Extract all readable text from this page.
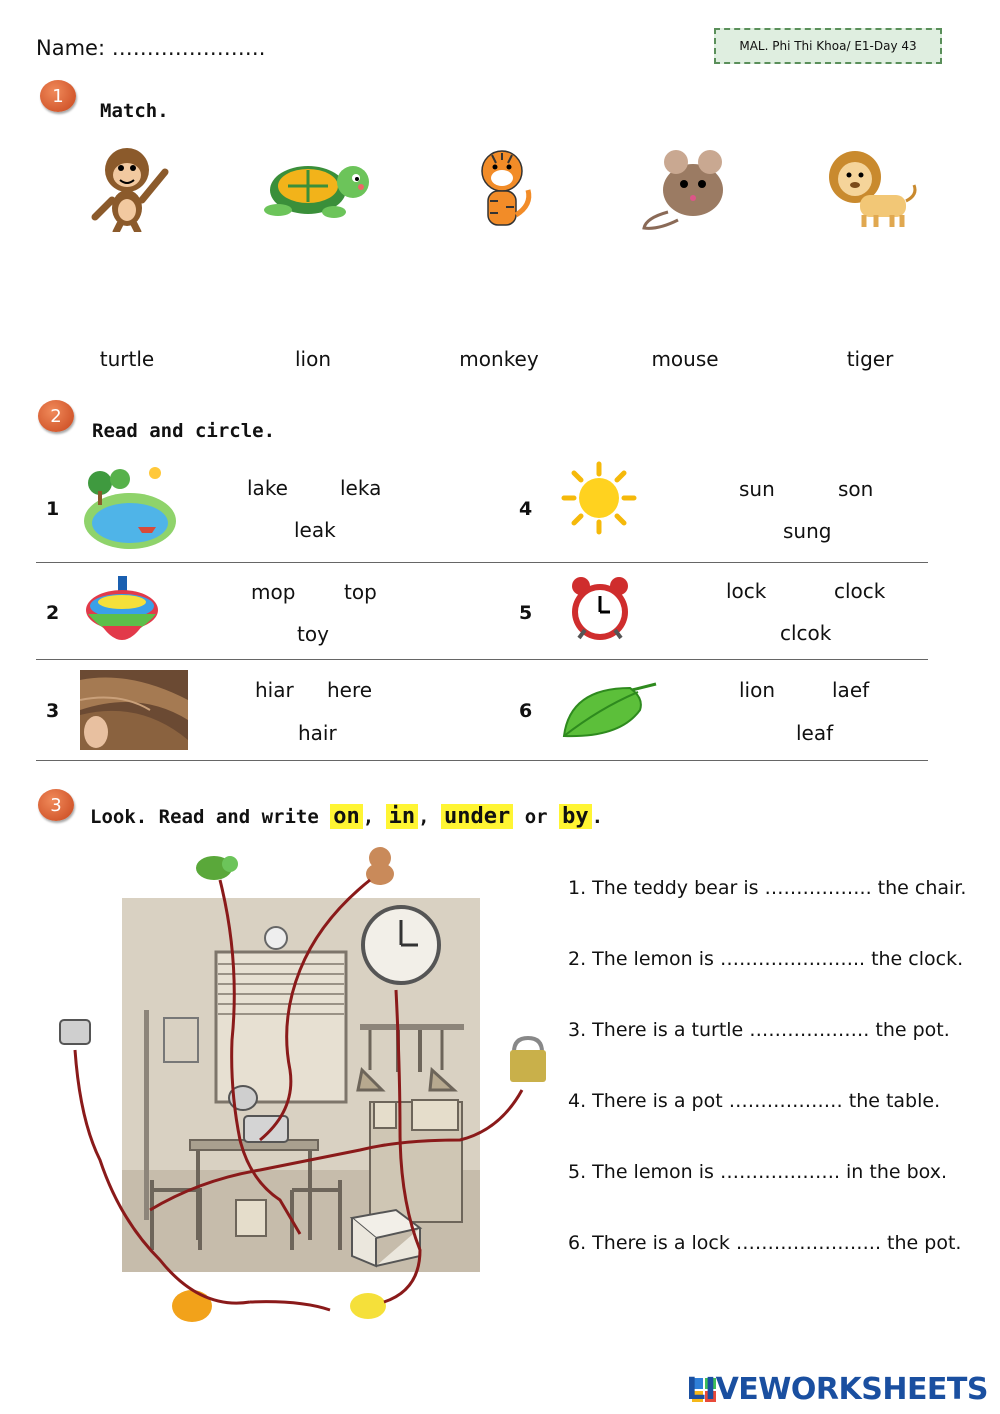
Name: ………………….	MAL. Phi Thi Khoa/ E1-Day 43
1
Match.
turtle	lion	monkey	mouse	tiger
2
Read and circle.
1
lake	leka
leak
4
sun	son
sung
2
mop top
toy
5
lock	clock
clcok
3
hiar here
hair
6
lion	laef
leaf
3
Look. Read and write on , in , under or by .
1. The teddy bear is …………….. the chair.
2. The lemon is ………………….. the clock.
3. There is a turtle ………………. the pot.
4. There is a pot ……………… the table.
5. The lemon is ………………. in the box.
6. There is a lock ………………….. the pot.
LIVEWORKSHEETS
